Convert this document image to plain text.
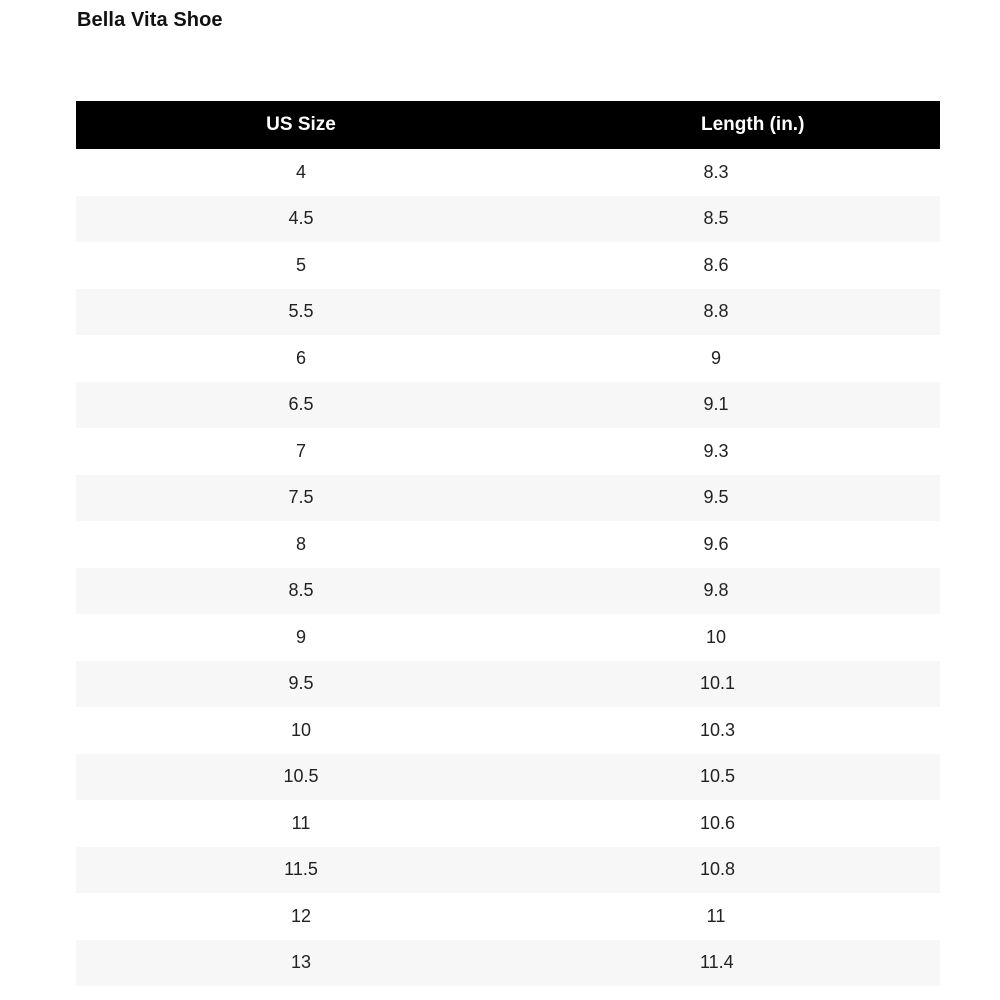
Bella Vita Shoe
US Size	Length (in.)
4	8.3
4.5	8.5
5	8.6
5.5	8.8
6	9
6.5	9.1
7	9.3
7.5	9.5
8	9.6
8.5	9.8
9	10
9.5	10.1
10	10.3
10.5	10.5
11	10.6
11.5	10.8
12	11
13	11.4
